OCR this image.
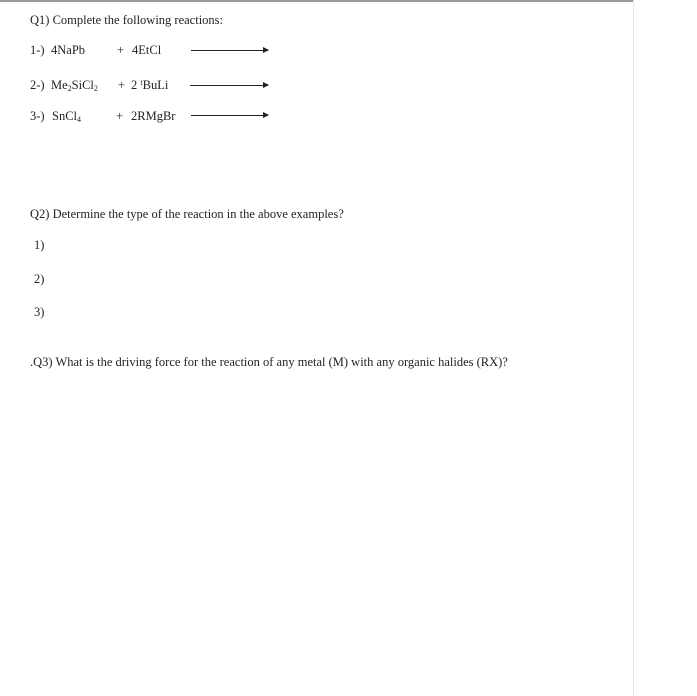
Q1) Complete the following reactions:
1-) 4NaPb	+ 4EtCl
2-) $Me_2SiCl_2 + 2$ $^t$BuLi
3-) SnCl$_4$	+ 2RMgBr
Q2) Determine the type of the reaction in the above examples?
1)
2)
3)
.Q3) What is the driving force for the reaction of any metal (M) with any organic halides (RX)?
